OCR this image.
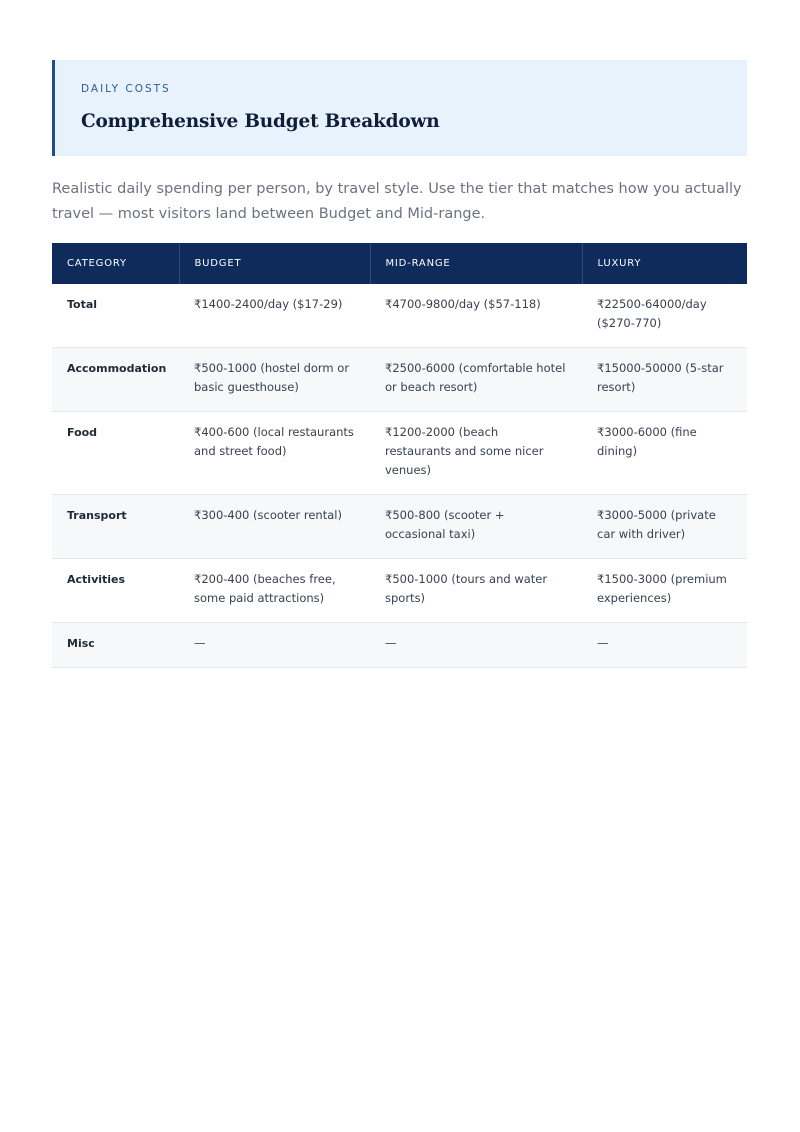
DAILY COSTS
Comprehensive Budget Breakdown

Realistic daily spending per person, by travel style. Use the tier that matches how you actually travel — most visitors land between Budget and Mid-range.

CATEGORY	BUDGET	MID-RANGE	LUXURY
Total	₹1400-2400/day ($17-29)	₹4700-9800/day ($57-118)	₹22500-64000/day ($270-770)
Accommodation	₹500-1000 (hostel dorm or basic guesthouse)	₹2500-6000 (comfortable hotel or beach resort)	₹15000-50000 (5-star resort)
Food	₹400-600 (local restaurants and street food)	₹1200-2000 (beach restaurants and some nicer venues)	₹3000-6000 (fine dining)
Transport	₹300-400 (scooter rental)	₹500-800 (scooter + occasional taxi)	₹3000-5000 (private car with driver)
Activities	₹200-400 (beaches free, some paid attractions)	₹500-1000 (tours and water sports)	₹1500-3000 (premium experiences)
Misc	—	—	—
